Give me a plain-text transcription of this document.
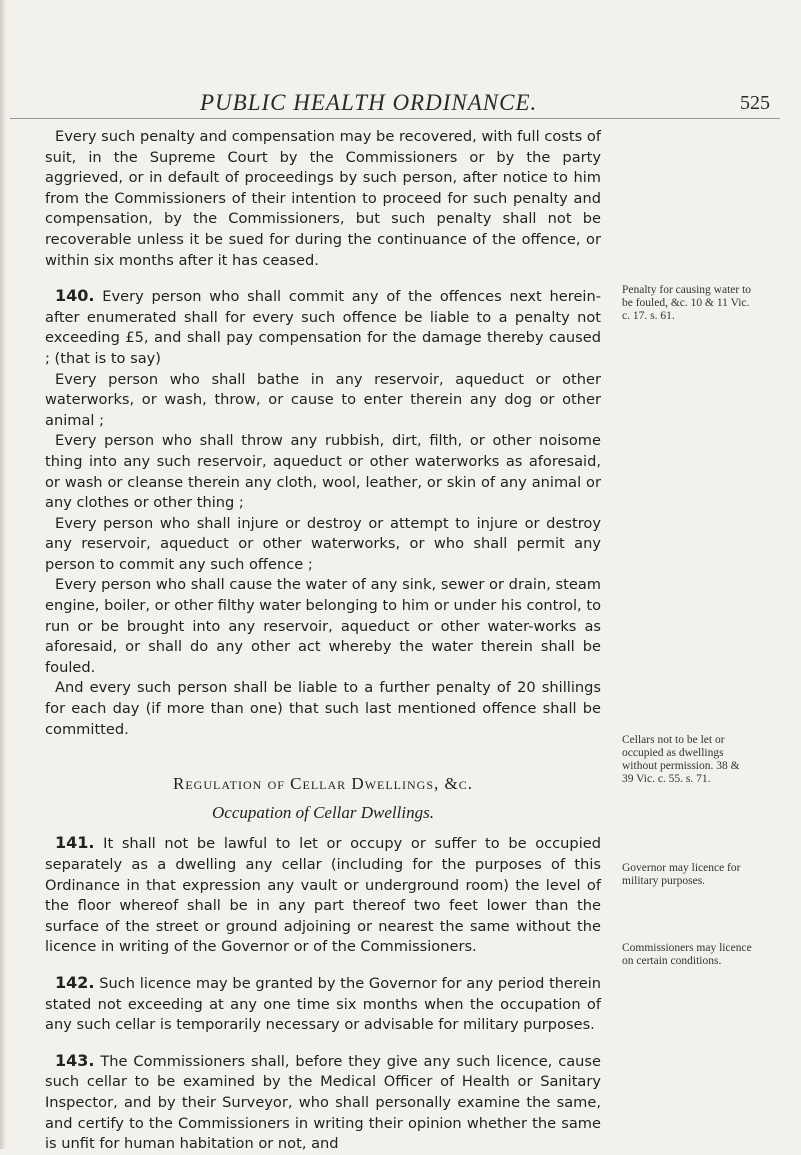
PUBLIC HEALTH ORDINANCE.	525

Every such penalty and compensation may be recovered, with full costs of suit, in the Supreme Court by the Commissioners or by the party aggrieved, or in default of proceedings by such person, after notice to him from the Commissioners of their intention to proceed for such penalty and compensation, by the Commissioners, but such penalty shall not be recoverable unless it be sued for during the continuance of the offence, or within six months after it has ceased.

140. Every person who shall commit any of the offences next herein-after enumerated shall for every such offence be liable to a penalty not exceeding £5, and shall pay compensation for the damage thereby caused ; (that is to say)

Every person who shall bathe in any reservoir, aqueduct or other waterworks, or wash, throw, or cause to enter therein any dog or other animal ;

Every person who shall throw any rubbish, dirt, filth, or other noisome thing into any such reservoir, aqueduct or other waterworks as aforesaid, or wash or cleanse therein any cloth, wool, leather, or skin of any animal or any clothes or other thing ;

Every person who shall injure or destroy or attempt to injure or destroy any reservoir, aqueduct or other waterworks, or who shall permit any person to commit any such offence ;

Every person who shall cause the water of any sink, sewer or drain, steam engine, boiler, or other filthy water belonging to him or under his control, to run or be brought into any reservoir, aqueduct or other water-works as aforesaid, or shall do any other act whereby the water therein shall be fouled.

And every such person shall be liable to a further penalty of 20 shillings for each day (if more than one) that such last mentioned offence shall be committed.

Regulation of Cellar Dwellings, &c.

Occupation of Cellar Dwellings.

141. It shall not be lawful to let or occupy or suffer to be occupied separately as a dwelling any cellar (including for the purposes of this Ordinance in that expression any vault or underground room) the level of the floor whereof shall be in any part thereof two feet lower than the surface of the street or ground adjoining or nearest the same without the licence in writing of the Governor or of the Commissioners.

142. Such licence may be granted by the Governor for any period therein stated not exceeding at any one time six months when the occupation of any such cellar is temporarily necessary or advisable for military purposes.

143. The Commissioners shall, before they give any such licence, cause such cellar to be examined by the Medical Officer of Health or Sanitary Inspector, and by their Surveyor, who shall personally examine the same, and certify to the Commissioners in writing their opinion whether the same is unfit for human habitation or not, and

Penalty for causing water to be fouled, &c. 10 & 11 Vic. c. 17. s. 61.
Cellars not to be let or occupied as dwellings without permission. 38 & 39 Vic. c. 55. s. 71.
Governor may licence for military purposes.
Commissioners may licence on certain conditions.
